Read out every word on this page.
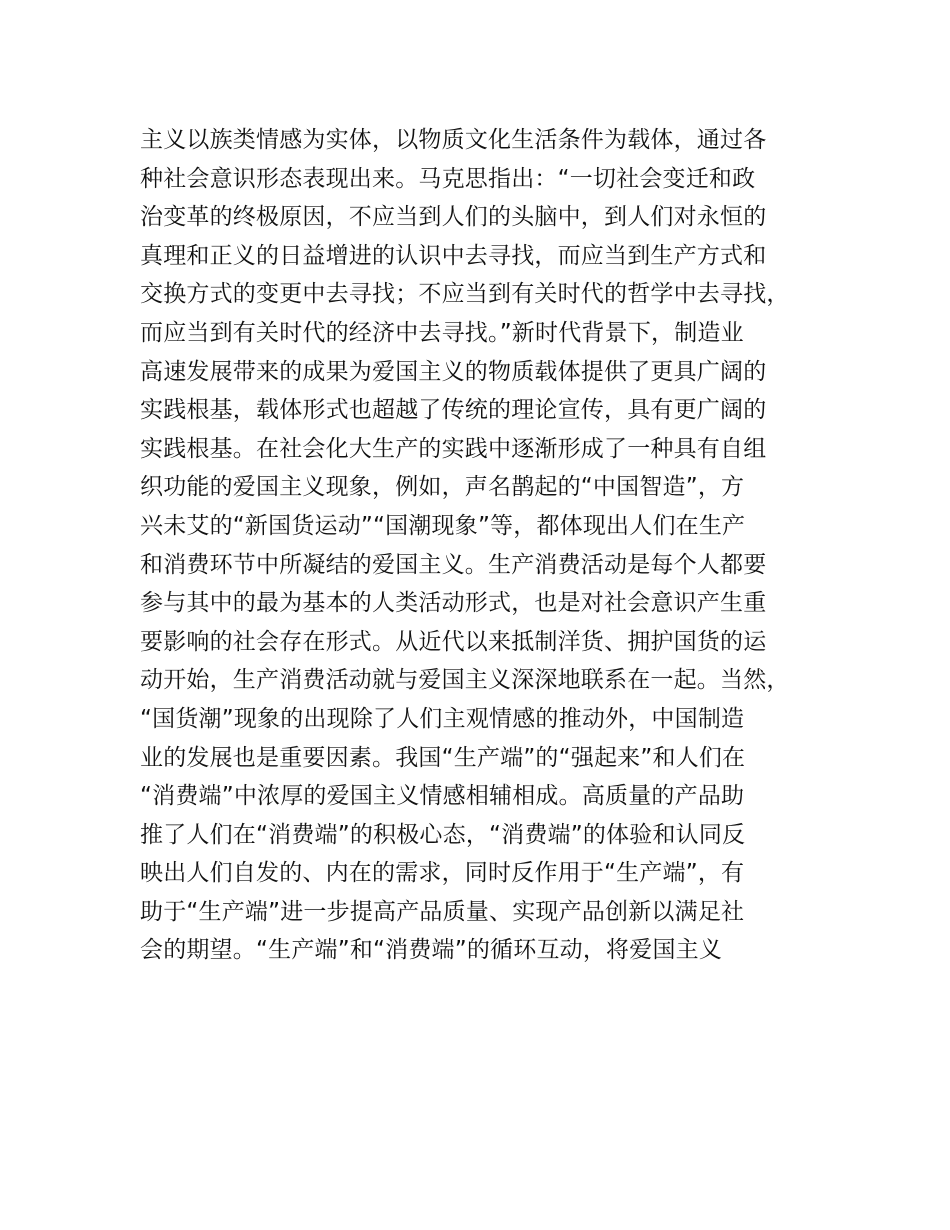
主义以族类情感为实体，以物质文化生活条件为载体，通过各
种社会意识形态表现出来。马克思指出：“一切社会变迁和政
治变革的终极原因，不应当到人们的头脑中，到人们对永恒的
真理和正义的日益增进的认识中去寻找，而应当到生产方式和
交换方式的变更中去寻找；不应当到有关时代的哲学中去寻找，
而应当到有关时代的经济中去寻找。”新时代背景下，制造业
高速发展带来的成果为爱国主义的物质载体提供了更具广阔的
实践根基，载体形式也超越了传统的理论宣传，具有更广阔的
实践根基。在社会化大生产的实践中逐渐形成了一种具有自组
织功能的爱国主义现象，例如，声名鹊起的“中国智造”，方
兴未艾的“新国货运动”“国潮现象”等，都体现出人们在生产
和消费环节中所凝结的爱国主义。生产消费活动是每个人都要
参与其中的最为基本的人类活动形式，也是对社会意识产生重
要影响的社会存在形式。从近代以来抵制洋货、拥护国货的运
动开始，生产消费活动就与爱国主义深深地联系在一起。当然，
“国货潮”现象的出现除了人们主观情感的推动外，中国制造
业的发展也是重要因素。我国“生产端”的“强起来”和人们在
“消费端”中浓厚的爱国主义情感相辅相成。高质量的产品助
推了人们在“消费端”的积极心态，“消费端”的体验和认同反
映出人们自发的、内在的需求，同时反作用于“生产端”，有
助于“生产端”进一步提高产品质量、实现产品创新以满足社
会的期望。“生产端”和“消费端”的循环互动，将爱国主义
